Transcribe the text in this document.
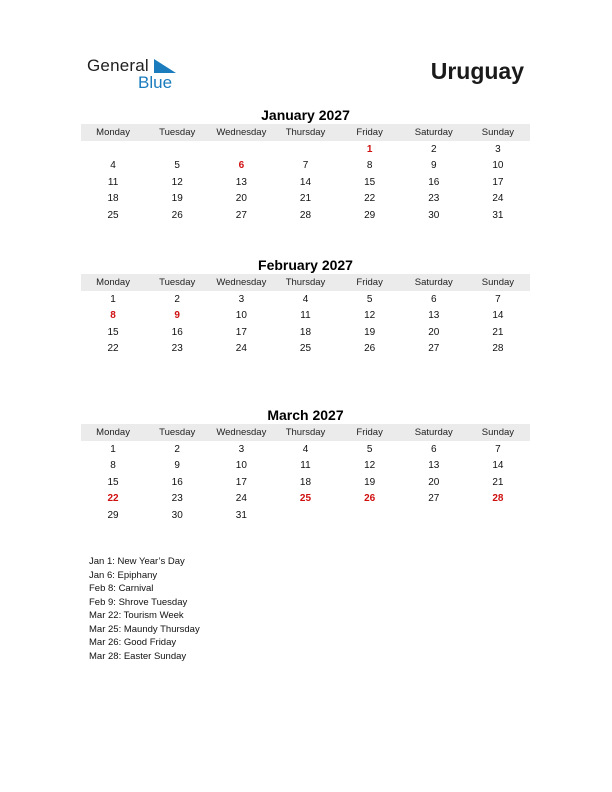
General
Blue	Uruguay
January 2027
Monday	Tuesday	Wednesday	Thursday	Friday	Saturday	Sunday
				1	2	3
4	5	6	7	8	9	10
11	12	13	14	15	16	17
18	19	20	21	22	23	24
25	26	27	28	29	30	31
February 2027
Monday	Tuesday	Wednesday	Thursday	Friday	Saturday	Sunday
1	2	3	4	5	6	7
8	9	10	11	12	13	14
15	16	17	18	19	20	21
22	23	24	25	26	27	28
March 2027
Monday	Tuesday	Wednesday	Thursday	Friday	Saturday	Sunday
1	2	3	4	5	6	7
8	9	10	11	12	13	14
15	16	17	18	19	20	21
22	23	24	25	26	27	28
29	30	31				
Jan 1: New Year’s Day
Jan 6: Epiphany
Feb 8: Carnival
Feb 9: Shrove Tuesday
Mar 22: Tourism Week
Mar 25: Maundy Thursday
Mar 26: Good Friday
Mar 28: Easter Sunday
